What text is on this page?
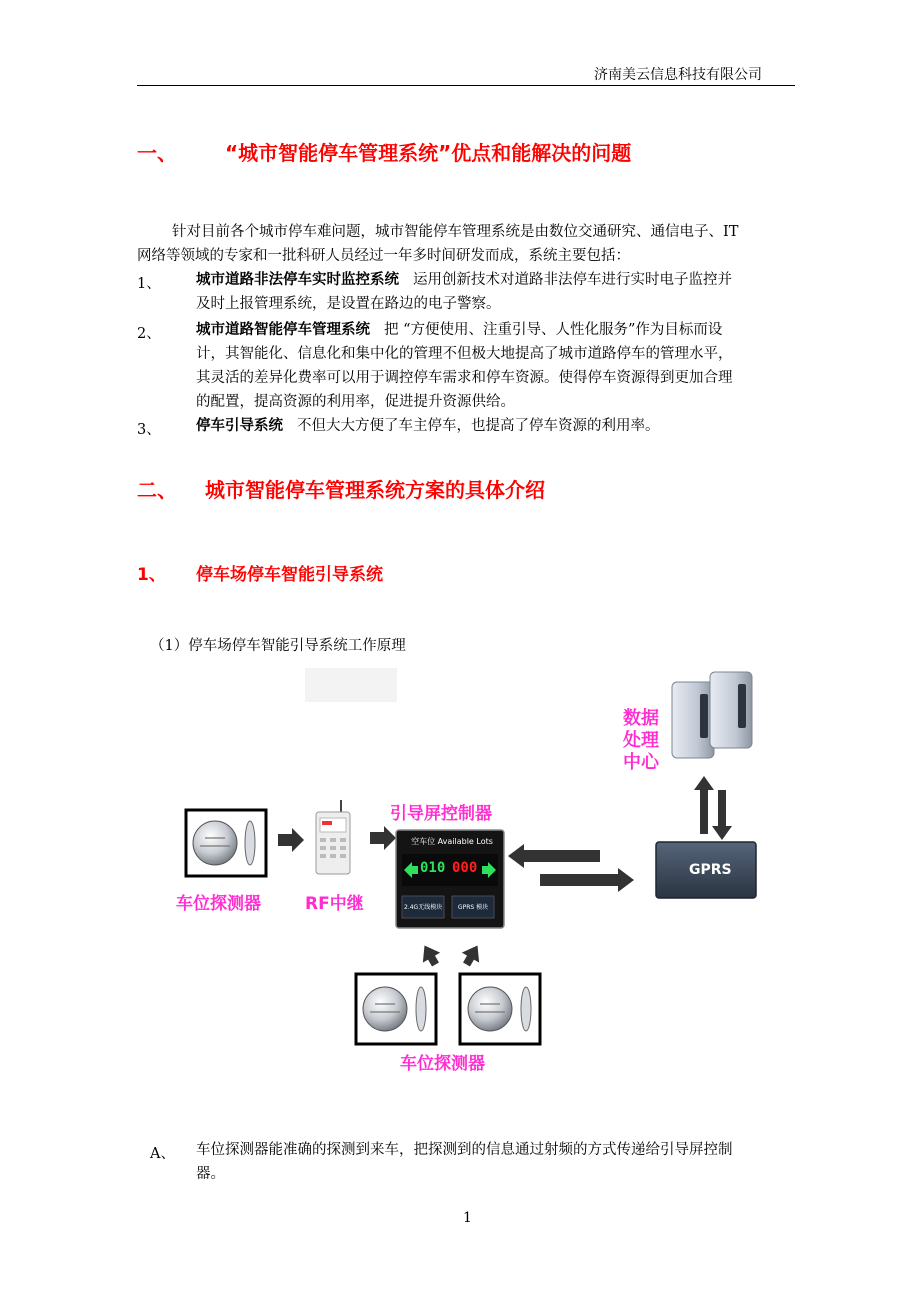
济南美云信息科技有限公司
一、 “城市智能停车管理系统”优点和能解决的问题
针对目前各个城市停车难问题，城市智能停车管理系统是由数位交通研究、通信电子、IT
网络等领域的专家和一批科研人员经过一年多时间研发而成，系统主要包括：
1、 城市道路非法停车实时监控系统 运用创新技术对道路非法停车进行实时电子监控并
及时上报管理系统，是设置在路边的电子警察。
2、 城市道路智能停车管理系统 把 “方便使用、注重引导、人性化服务”作为目标而设
计，其智能化、信息化和集中化的管理不但极大地提高了城市道路停车的管理水平，
其灵活的差异化费率可以用于调控停车需求和停车资源。使得停车资源得到更加合理
的配置，提高资源的利用率，促进提升资源供给。
3、 停车引导系统 不但大大方便了车主停车，也提高了停车资源的利用率。
二、 城市智能停车管理系统方案的具体介绍
1、 停车场停车智能引导系统
（1）停车场停车智能引导系统工作原理
数据
处理
中心
引导屏控制器
车位探测器	RF中继
车位探测器
GPRS
空车位 Available Lots
010 000
2.4G无线模块	GPRS 模块
A、 车位探测器能准确的探测到来车，把探测到的信息通过射频的方式传递给引导屏控制
器。
1
